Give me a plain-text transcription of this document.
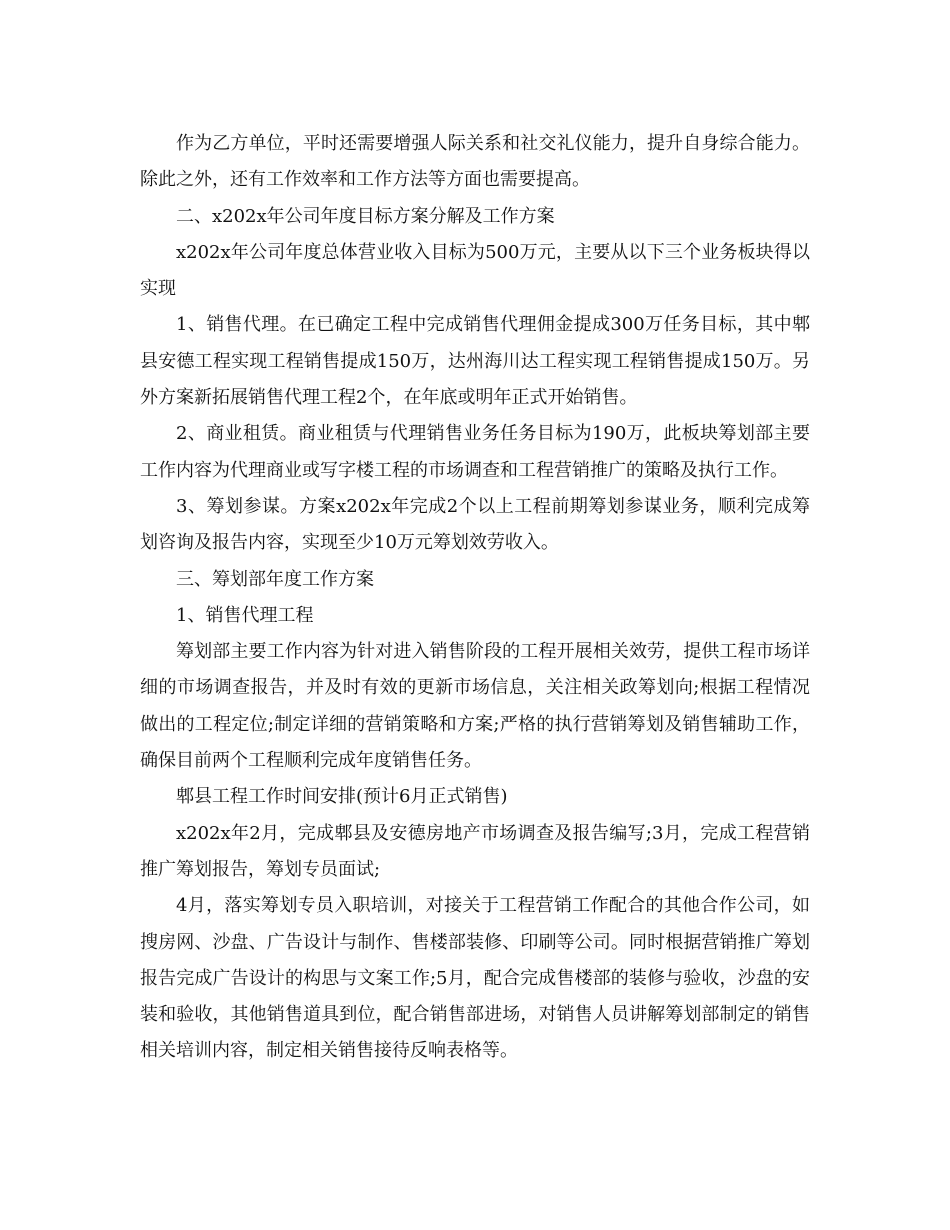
作为乙方单位，平时还需要增强人际关系和社交礼仪能力，提升自身综合能力。除此之外，还有工作效率和工作方法等方面也需要提高。

二、x202x年公司年度目标方案分解及工作方案

x202x年公司年度总体营业收入目标为500万元，主要从以下三个业务板块得以实现

1、销售代理。在已确定工程中完成销售代理佣金提成300万任务目标，其中郫县安德工程实现工程销售提成150万，达州海川达工程实现工程销售提成150万。另外方案新拓展销售代理工程2个，在年底或明年正式开始销售。

2、商业租赁。商业租赁与代理销售业务任务目标为190万，此板块筹划部主要工作内容为代理商业或写字楼工程的市场调查和工程营销推广的策略及执行工作。

3、筹划参谋。方案x202x年完成2个以上工程前期筹划参谋业务，顺利完成筹划咨询及报告内容，实现至少10万元筹划效劳收入。

三、筹划部年度工作方案

1、销售代理工程

筹划部主要工作内容为针对进入销售阶段的工程开展相关效劳，提供工程市场详细的市场调查报告，并及时有效的更新市场信息，关注相关政筹划向;根据工程情况做出的工程定位;制定详细的营销策略和方案;严格的执行营销筹划及销售辅助工作，确保目前两个工程顺利完成年度销售任务。

郫县工程工作时间安排(预计6月正式销售)

x202x年2月，完成郫县及安德房地产市场调查及报告编写;3月，完成工程营销推广筹划报告，筹划专员面试;

4月，落实筹划专员入职培训，对接关于工程营销工作配合的其他合作公司，如搜房网、沙盘、广告设计与制作、售楼部装修、印刷等公司。同时根据营销推广筹划报告完成广告设计的构思与文案工作;5月，配合完成售楼部的装修与验收，沙盘的安装和验收，其他销售道具到位，配合销售部进场，对销售人员讲解筹划部制定的销售相关培训内容，制定相关销售接待反响表格等。
